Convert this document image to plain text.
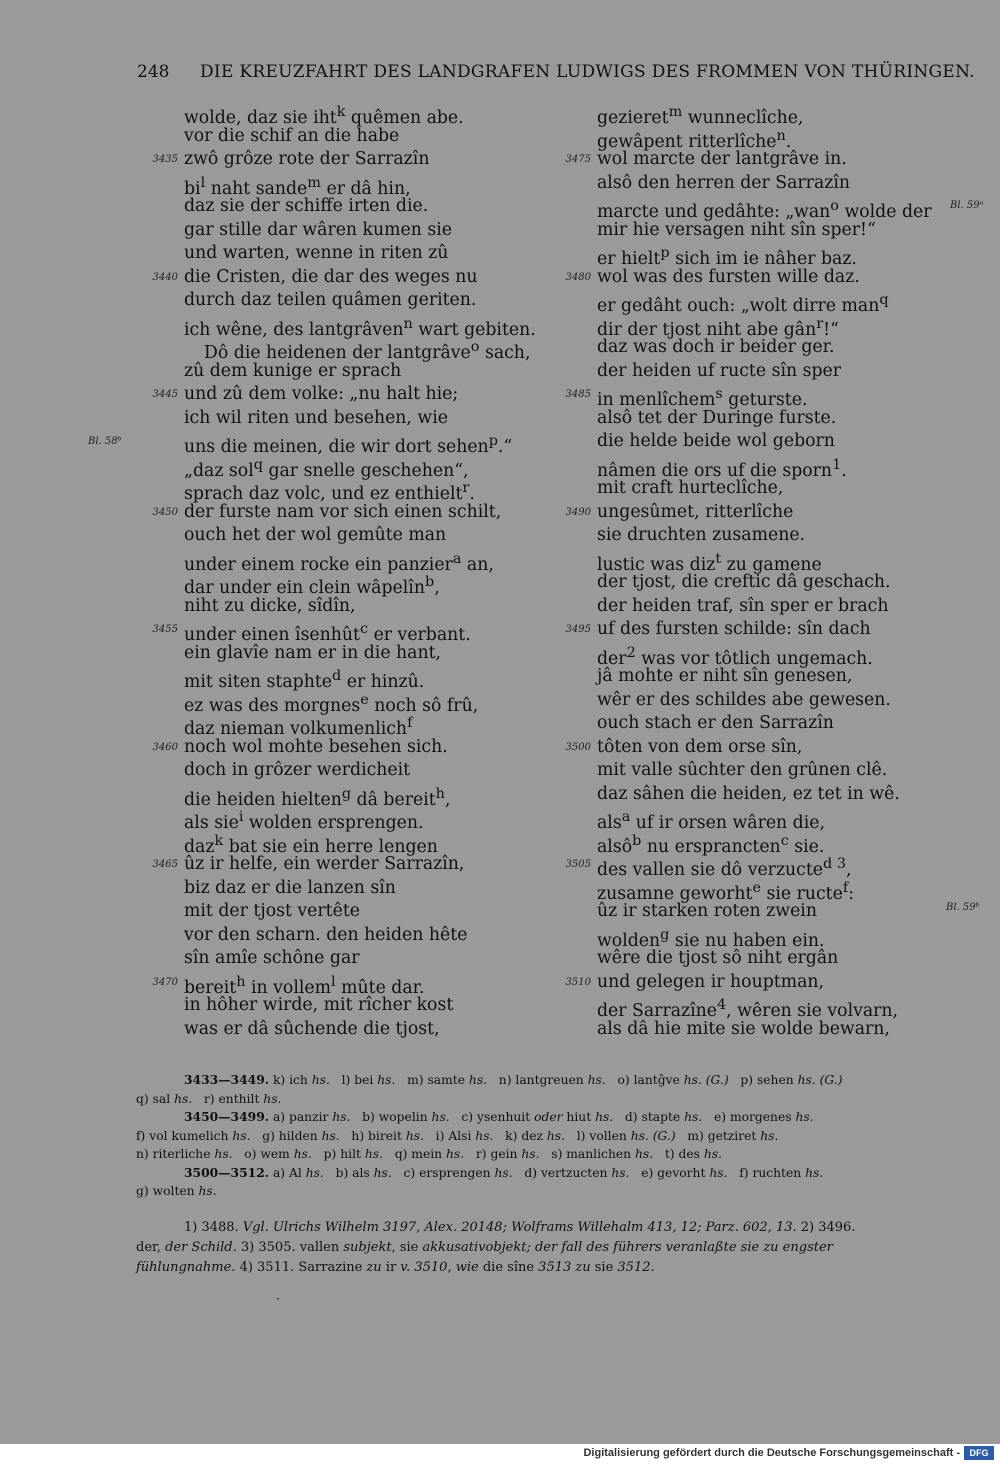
248 DIE KREUZFAHRT DES LANDGRAFEN LUDWIGS DES FROMMEN VON THÜRINGEN.
wolde, daz sie iht$^k$ quêmen abe.
vor die schif an die habe
3435 zwô grôze rote der Sarrazîn
$bi^l$ naht sande$^m$ er dâ hin,
daz sie der schiffe irten die.
gar stille dar wâren kumen sie
und warten, wenne in riten zû
3440 die Cristen, die dar des weges nu
durch daz teilen quâmen geriten.
ich wêne, des lantgrâven$^n$ wart gebiten.
Dô die heidenen der lantgrâve$^o$ sach,
zû dem kunige er sprach
3445 und zû dem volke: „nu halt hie;
ich wil riten und besehen, wie
uns die meinen, die wir dort sehen$^p$.“
„daz sol$^q$ gar snelle geschehen“,
sprach daz volc, und ez enthielt$^r$.
3450 der furste nam vor sich einen schilt,
ouch het der wol gemûte man
under einem rocke ein panzier$^a$ an,
dar under ein clein wâpelîn$^b$,
niht zu dicke, sîdîn,
3455 under einen îsenhût$^c$ er verbant.
ein glavîe nam er in die hant,
mit siten staphte$^d$ er hinzû.
ez was des morgnes$^e$ noch sô frû,
daz nieman volkumenlich$^f$
3460 noch wol mohte besehen sich.
doch in grôzer werdicheit
die heiden hielten$^g$ dâ bereit$^h$,
als sie$^i$ wolden ersprengen.
daz$^k$ bat sie ein herre lengen
3465 ûz ir helfe, ein werder Sarrazîn,
biz daz er die lanzen sîn
mit der tjost vertête
vor den scharn. den heiden hête
sîn amîe schône gar
3470 bereit$^h$ in vollem$^l$ mûte dar.
in hôher wirde, mit rîcher kost
was er dâ sûchende die tjost,
gezieret$^m$ wunneclîche,
gewâpent ritterlîche$^n$.
3475 wol marcte der lantgrâve in.
alsô den herren der Sarrazîn
marcte und gedâhte: „wan$^o$ wolde der
mir hie versagen niht sîn sper!“
er hielt$^p$ sich im ie nâher baz.
3480 wol was des fursten wille daz.
er gedâht ouch: „wolt dirre man$^q$
dir der tjost niht abe gân$^r$!“
daz was doch ir beider ger.
der heiden uf ructe sîn sper
3485 in menlîchem$^s$ geturste.
alsô tet der Duringe furste.
die helde beide wol geborn
nâmen die ors uf die sporn$^1$.
mit craft hurteclîche,
3490 ungesûmet, ritterlîche
sie druchten zusamene.
lustic was diz$^t$ zu gamene
der tjost, die creftic dâ geschach.
der heiden traf, sîn sper er brach
3495 uf des fursten schilde: sîn dach
der$^2$ was vor tôtlich ungemach.
jâ mohte er niht sîn genesen,
wêr er des schildes abe gewesen.
ouch stach er den Sarrazîn
3500 tôten von dem orse sîn,
mit valle sûchter den grûnen clê.
daz sâhen die heiden, ez tet in wê.
als$^a$ uf ir orsen wâren die,
alsô$^b$ nu ersprancten$^c$ sie.
3505 des vallen sie dô verzucte$^{d 3}$,
zusamne geworht$^e$ sie ructe$^f$:
ûz ir starken roten zwein
wolden$^g$ sie nu haben ein.
wêre die tjost sô niht ergân
3510 und gelegen ir houptman,
der Sarrazîne$^4$, wêren sie volvarn,
als dâ hie mite sie wolde bewarn,
Bl. 58ᵇ
Bl. 59ᵃ
Bl. 59ᵇ
3433—3449. k) ich hs.   l) bei hs.   m) samte hs.   n) lantgreuen hs.   o) lantĝve hs. (G.)   p) sehen hs. (G.)
q) sal hs.   r) enthilt hs.
3450—3499. a) panzir hs.   b) wopelin hs.   c) ysenhuit oder hiut hs.   d) stapte hs.   e) morgenes hs.
f) vol kumelich hs.   g) hilden hs.   h) bireit hs.   i) Alsi hs.   k) dez hs.   l) vollen hs. (G.)   m) getziret hs.
n) riterliche hs.   o) wem hs.   p) hilt hs.   q) mein hs.   r) gein hs.   s) manlichen hs.   t) des hs.
3500—3512. a) Al hs.   b) als hs.   c) ersprengen hs.   d) vertzucten hs.   e) gevorht hs.   f) ruchten hs.
g) wolten hs.
1) 3488. Vgl. Ulrichs Wilhelm 3197, Alex. 20148; Wolframs Willehalm 413, 12; Parz. 602, 13. 2) 3496.
der, der Schild. 3) 3505. vallen subjekt, sie akkusativobjekt; der fall des führers veranlaßte sie zu engster
fühlungnahme. 4) 3511. Sarrazine zu ir v. 3510, wie die sîne 3513 zu sie 3512.
·
Digitalisierung gefördert durch die Deutsche Forschungsgemeinschaft -	DFG
